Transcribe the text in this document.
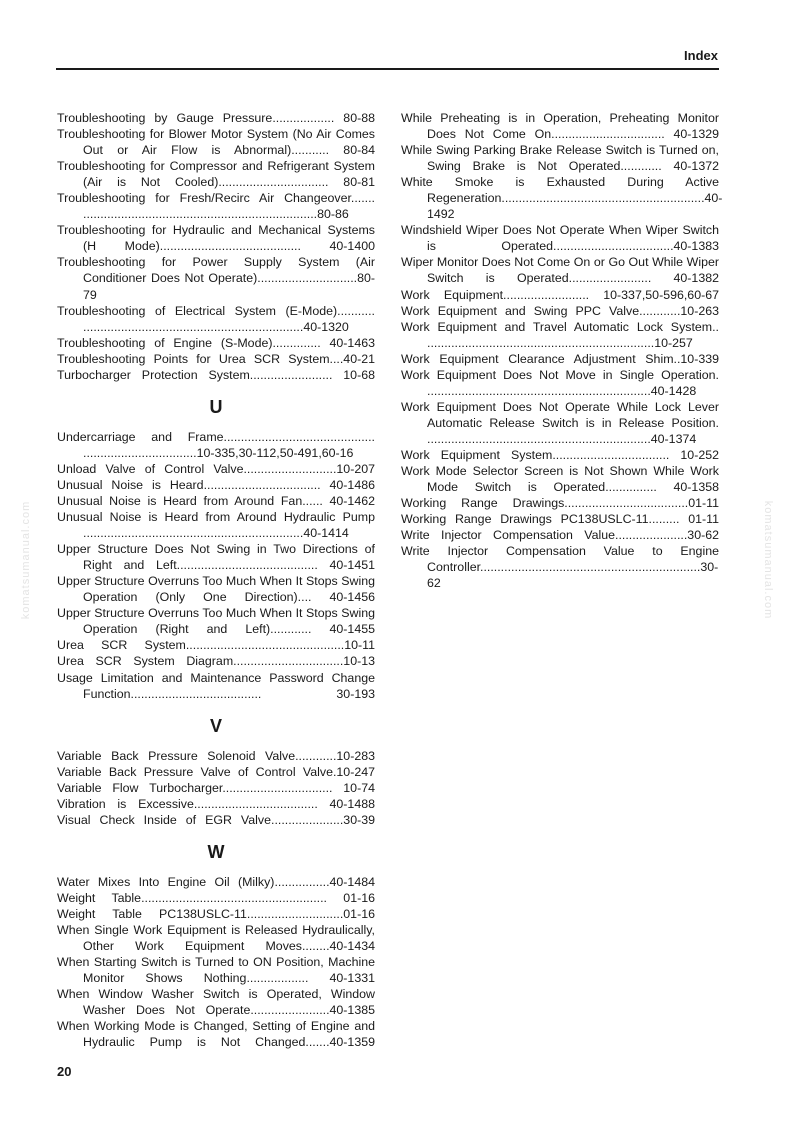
Index
komatsumanual.com	komatsumanual.com
Troubleshooting by Gauge Pressure.................. 80-88
Troubleshooting for Blower Motor System (No Air Comes Out or Air Flow is Abnormal)........... 80-84
Troubleshooting for Compressor and Refrigerant System (Air is Not Cooled)................................ 80-81
Troubleshooting for Fresh/Recirc Air Changeover....... ....................................................................80-86
Troubleshooting for Hydraulic and Mechanical Systems (H Mode)......................................... 40-1400
Troubleshooting for Power Supply System (Air Conditioner Does Not Operate).............................80-79
Troubleshooting of Electrical System (E-Mode)........... ................................................................40-1320
Troubleshooting of Engine (S-Mode).............. 40-1463
Troubleshooting Points for Urea SCR System....40-21
Turbocharger Protection System........................ 10-68
U
Undercarriage and Frame............................................ .................................10-335,30-112,50-491,60-16
Unload Valve of Control Valve...........................10-207
Unusual Noise is Heard.................................. 40-1486
Unusual Noise is Heard from Around Fan...... 40-1462
Unusual Noise is Heard from Around Hydraulic Pump ................................................................40-1414
Upper Structure Does Not Swing in Two Directions of Right and Left......................................... 40-1451
Upper Structure Overruns Too Much When It Stops Swing Operation (Only One Direction).... 40-1456
Upper Structure Overruns Too Much When It Stops Swing Operation (Right and Left)............ 40-1455
Urea SCR System..............................................10-11
Urea SCR System Diagram................................10-13
Usage Limitation and Maintenance Password Change Function...................................... 30-193
V
Variable Back Pressure Solenoid Valve............10-283
Variable Back Pressure Valve of Control Valve.10-247
Variable Flow Turbocharger................................ 10-74
Vibration is Excessive.................................... 40-1488
Visual Check Inside of EGR Valve.....................30-39
W
Water Mixes Into Engine Oil (Milky)................40-1484
Weight Table...................................................... 01-16
Weight Table PC138USLC-11............................01-16
When Single Work Equipment is Released Hydraulically, Other Work Equipment Moves........40-1434
When Starting Switch is Turned to ON Position, Machine Monitor Shows Nothing.................. 40-1331
When Window Washer Switch is Operated, Window Washer Does Not Operate.......................40-1385
When Working Mode is Changed, Setting of Engine and Hydraulic Pump is Not Changed.......40-1359
While Preheating is in Operation, Preheating Monitor Does Not Come On................................. 40-1329
While Swing Parking Brake Release Switch is Turned on, Swing Brake is Not Operated............ 40-1372
White Smoke is Exhausted During Active Regeneration...........................................................40-1492
Windshield Wiper Does Not Operate When Wiper Switch is Operated...................................40-1383
Wiper Monitor Does Not Come On or Go Out While Wiper Switch is Operated........................ 40-1382
Work Equipment......................... 10-337,50-596,60-67
Work Equipment and Swing PPC Valve............10-263
Work Equipment and Travel Automatic Lock System.. ..................................................................10-257
Work Equipment Clearance Adjustment Shim..10-339
Work Equipment Does Not Move in Single Operation. .................................................................40-1428
Work Equipment Does Not Operate While Lock Lever Automatic Release Switch is in Release Position. .................................................................40-1374
Work Equipment System.................................. 10-252
Work Mode Selector Screen is Not Shown While Work Mode Switch is Operated............... 40-1358
Working Range Drawings....................................01-11
Working Range Drawings PC138USLC-11......... 01-11
Write Injector Compensation Value.....................30-62
Write Injector Compensation Value to Engine Controller................................................................30-62
20
